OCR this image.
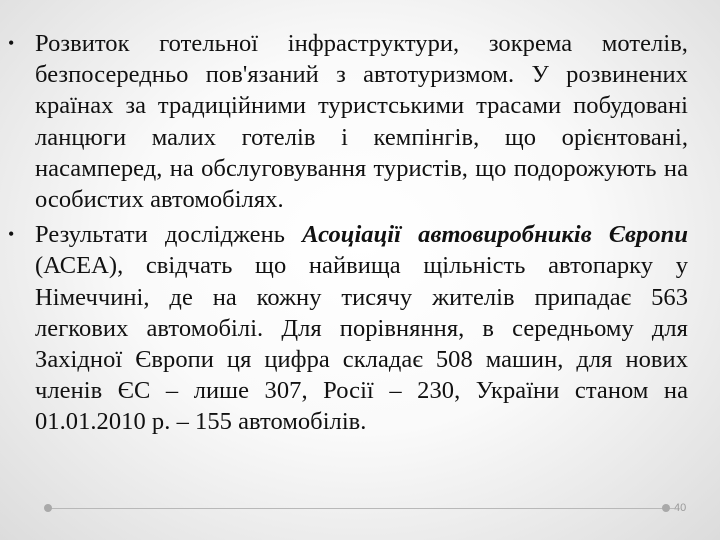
• Розвиток готельної інфраструктури, зокрема мотелів, безпосередньо пов'язаний з автотуризмом. У розвинених країнах за традиційними туристськими трасами побудовані ланцюги малих готелів і кемпінгів, що орієнтовані, насамперед, на обслуговування туристів, що подорожують на особистих автомобілях.
• Результати досліджень Асоціації автовиробників Європи (АСЕА), свідчать що найвища щільність автопарку у Німеччині, де на кожну тисячу жителів припадає 563 легкових автомобілі. Для порівняння, в середньому для Західної Європи ця цифра складає 508 машин, для нових членів ЄС – лише 307, Росії – 230, України станом на 01.01.2010 р. – 155 автомобілів.
40
